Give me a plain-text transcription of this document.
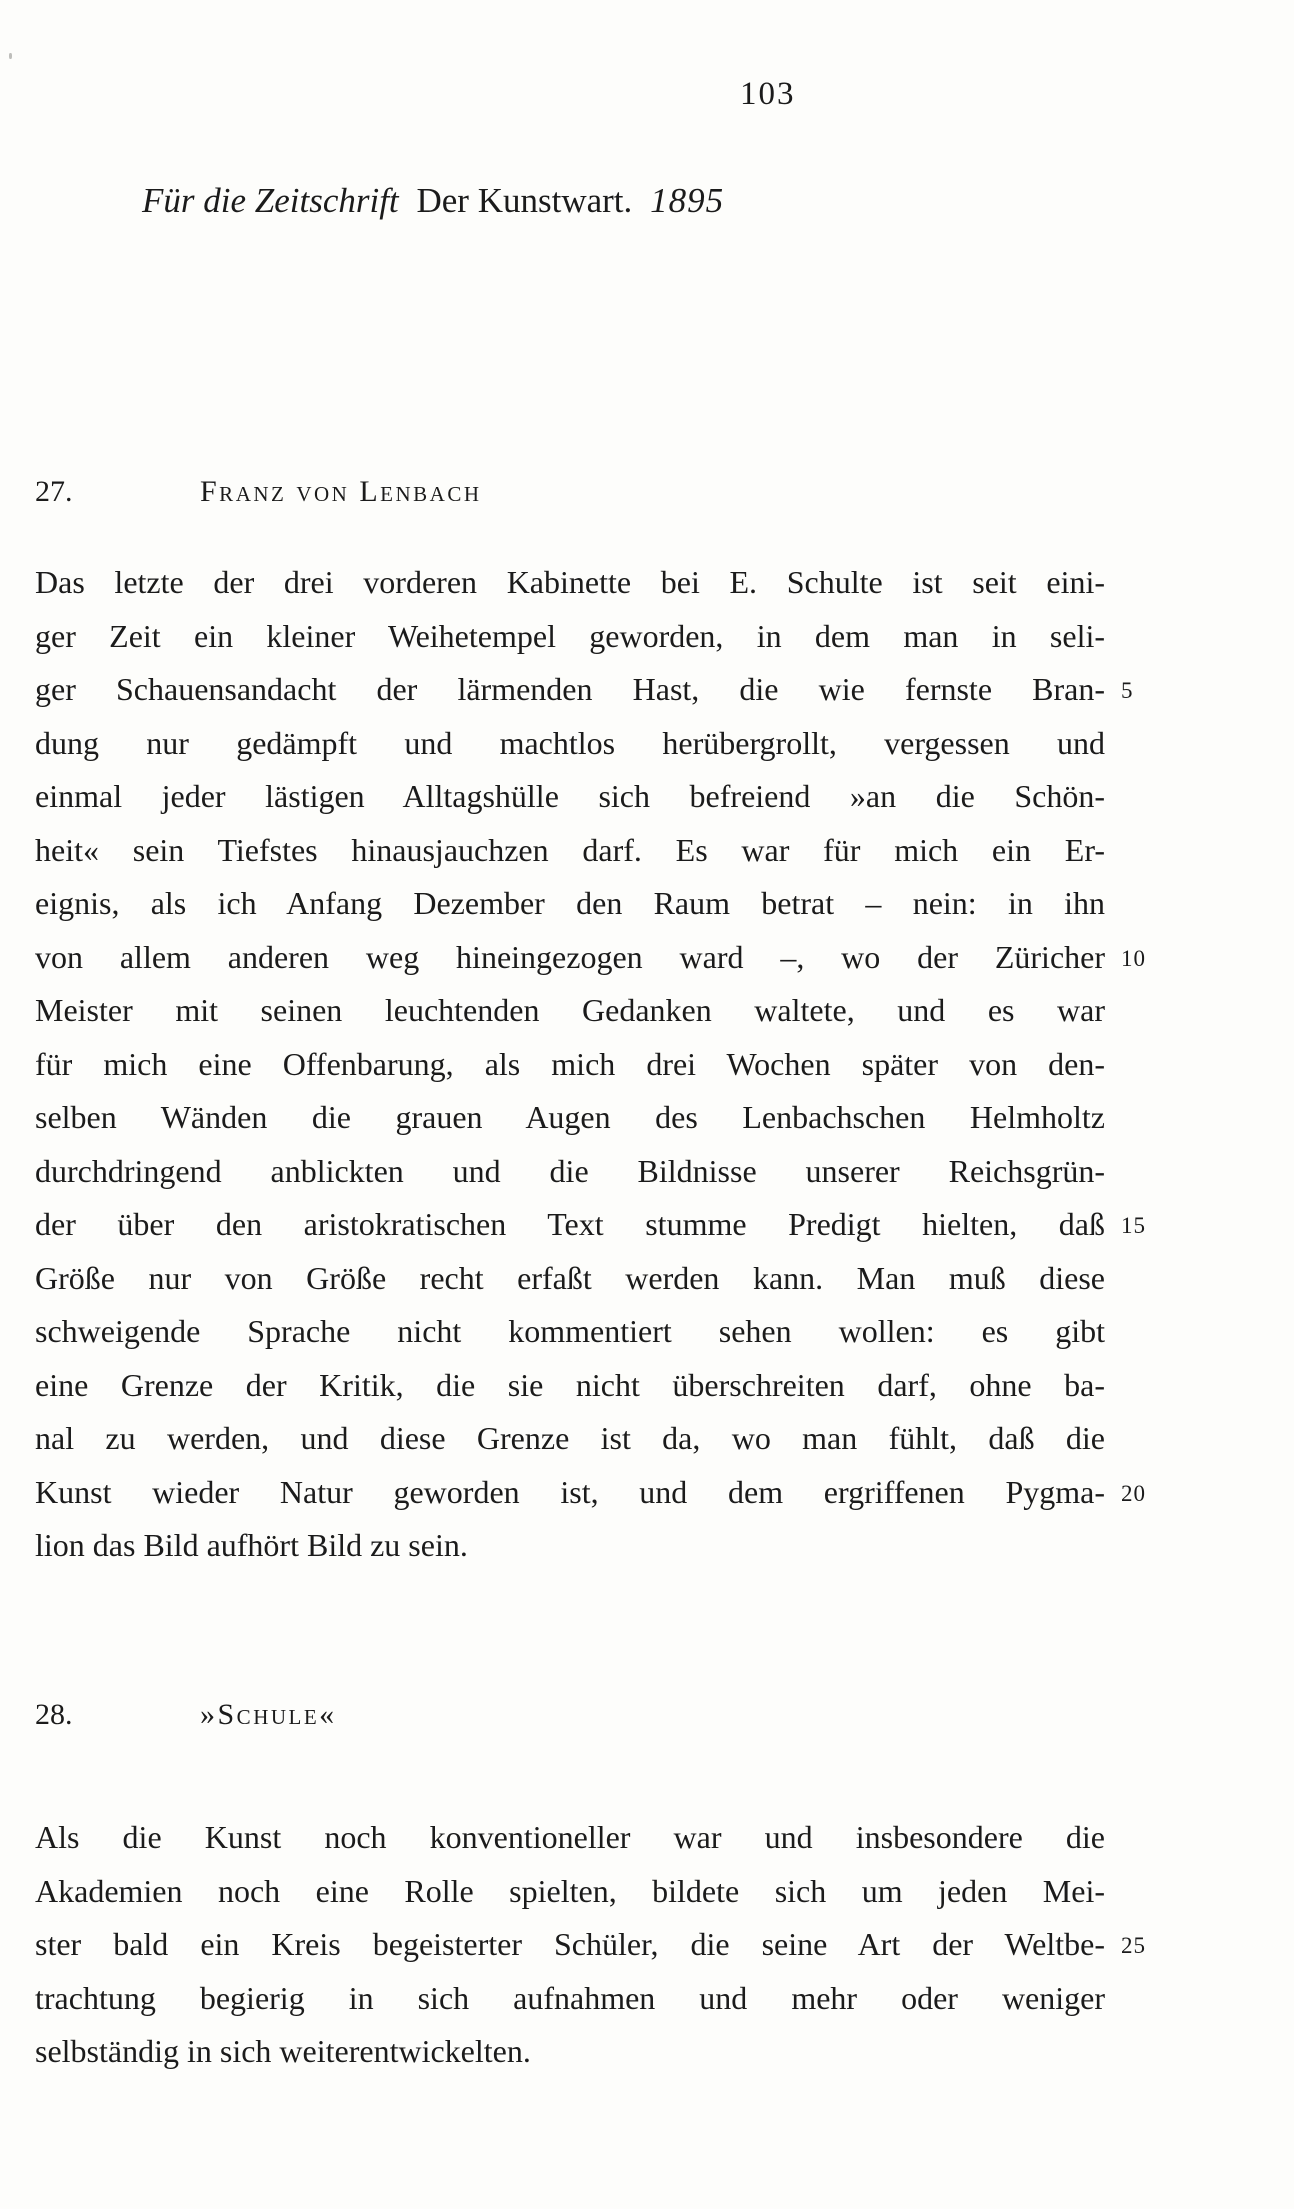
103
Für die Zeitschrift Der Kunstwart. 1895
27.	Franz von Lenbach
Das letzte der drei vorderen Kabinette bei E. Schulte ist seit eini-
ger Zeit ein kleiner Weihetempel geworden, in dem man in seli-
ger Schauensandacht der lärmenden Hast, die wie fernste Bran- 5
dung nur gedämpft und machtlos herübergrollt, vergessen und
einmal jeder lästigen Alltagshülle sich befreiend »an die Schön-
heit« sein Tiefstes hinausjauchzen darf. Es war für mich ein Er-
eignis, als ich Anfang Dezember den Raum betrat – nein: in ihn
von allem anderen weg hineingezogen ward –, wo der Züricher 10
Meister mit seinen leuchtenden Gedanken waltete, und es war
für mich eine Offenbarung, als mich drei Wochen später von den-
selben Wänden die grauen Augen des Lenbachschen Helmholtz
durchdringend anblickten und die Bildnisse unserer Reichsgrün-
der über den aristokratischen Text stumme Predigt hielten, daß 15
Größe nur von Größe recht erfaßt werden kann. Man muß diese
schweigende Sprache nicht kommentiert sehen wollen: es gibt
eine Grenze der Kritik, die sie nicht überschreiten darf, ohne ba-
nal zu werden, und diese Grenze ist da, wo man fühlt, daß die
Kunst wieder Natur geworden ist, und dem ergriffenen Pygma- 20
lion das Bild aufhört Bild zu sein.
28.	»Schule«
Als die Kunst noch konventioneller war und insbesondere die
Akademien noch eine Rolle spielten, bildete sich um jeden Mei-
ster bald ein Kreis begeisterter Schüler, die seine Art der Weltbe- 25
trachtung begierig in sich aufnahmen und mehr oder weniger
selbständig in sich weiterentwickelten.
